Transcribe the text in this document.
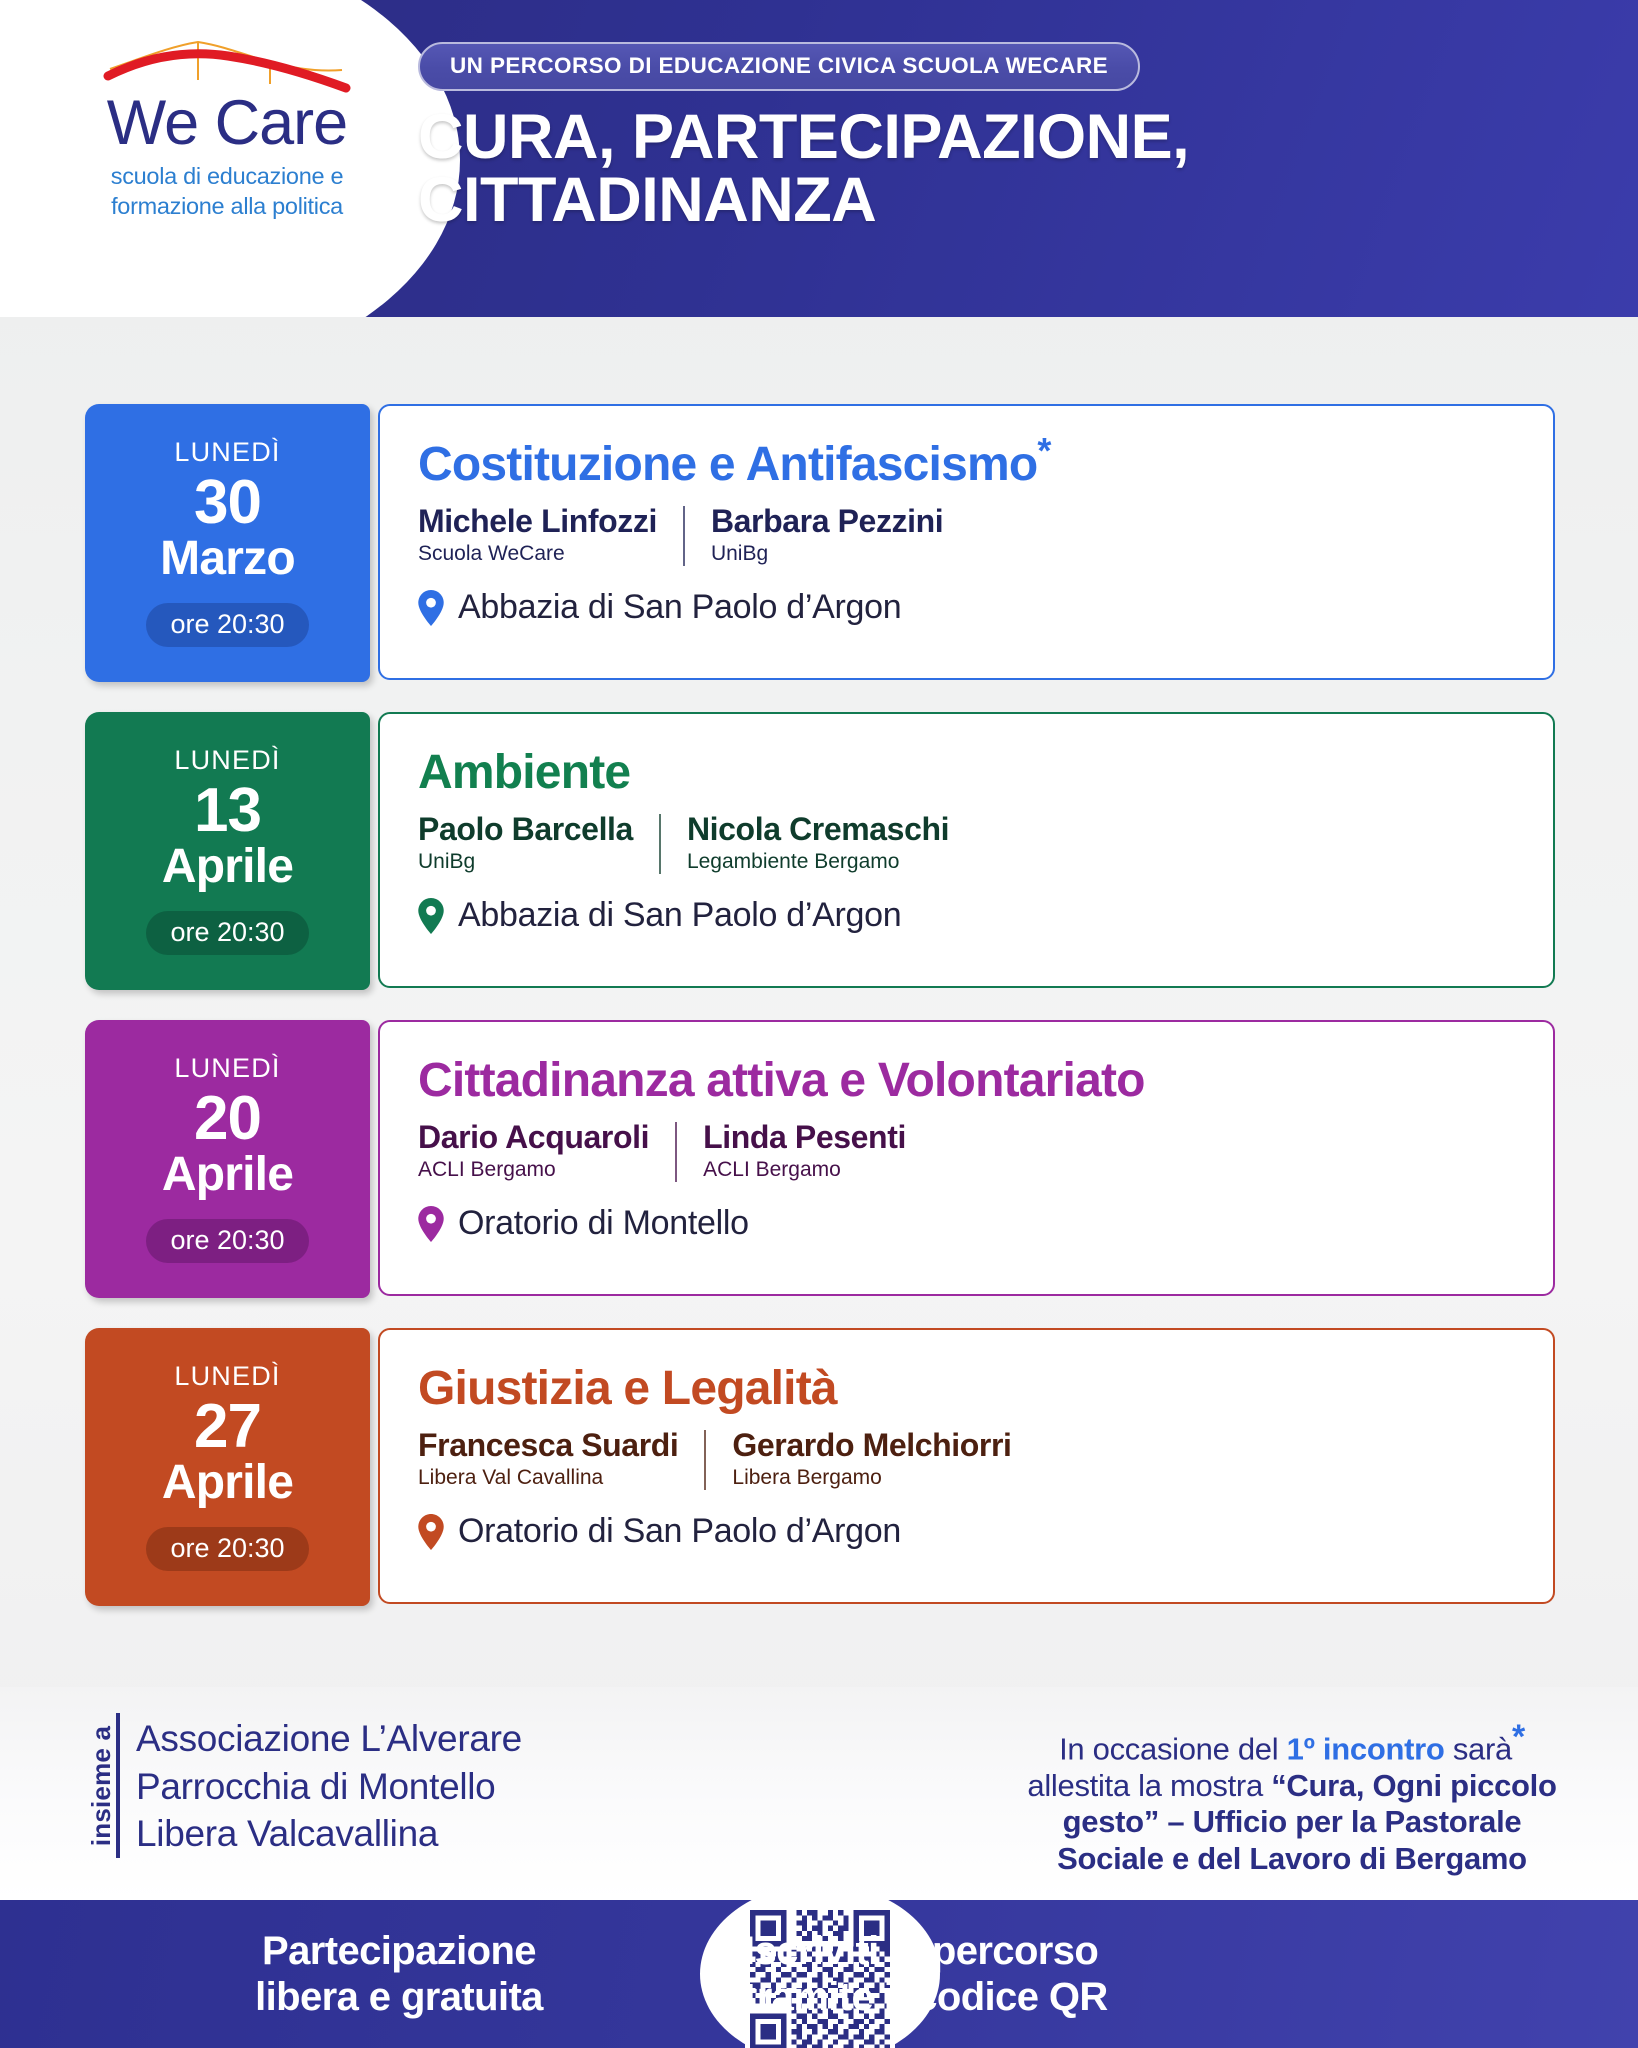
We Care
scuola di educazione e
formazione alla politica
UN PERCORSO DI EDUCAZIONE CIVICA SCUOLA WECARE
CURA, PARTECIPAZIONE,
CITTADINANZA
Costituzione e Antifascismo*
Michele Linfozzi
Scuola WeCare
Barbara Pezzini
UniBg
Abbazia di San Paolo d’Argon
LUNEDÌ
30
Marzo
ore 20:30
Ambiente
Paolo Barcella
UniBg
Nicola Cremaschi
Legambiente Bergamo
Abbazia di San Paolo d’Argon
LUNEDÌ
13
Aprile
ore 20:30
Cittadinanza attiva e Volontariato
Dario Acquaroli
ACLI Bergamo
Linda Pesenti
ACLI Bergamo
Oratorio di Montello
LUNEDÌ
20
Aprile
ore 20:30
Giustizia e Legalità
Francesca Suardi
Libera Val Cavallina
Gerardo Melchiorri
Libera Bergamo
Oratorio di San Paolo d’Argon
LUNEDÌ
27
Aprile
ore 20:30
insieme a Associazione L’Alverare
Parrocchia di Montello
Libera Valcavallina
In occasione del 1º incontro sarà*
allestita la mostra “Cura, Ogni piccolo
gesto” – Ufficio per la Pastorale
Sociale e del Lavoro di Bergamo
Partecipazione
libera e gratuita
Iscriviti al percorso
tramite il codice QR
